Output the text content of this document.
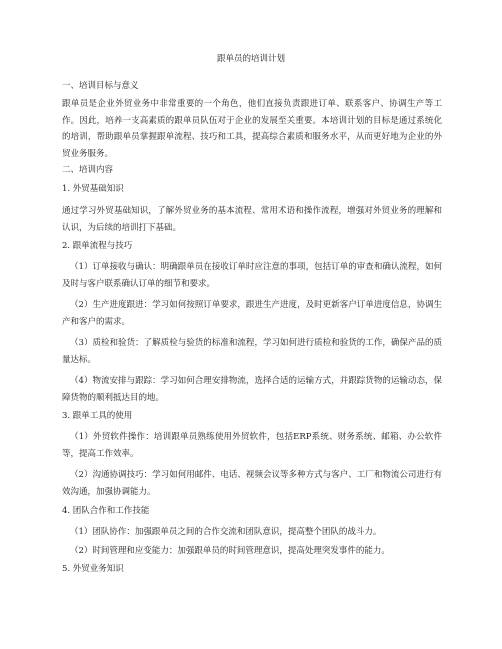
跟单员的培训计划
一、培训目标与意义
跟单员是企业外贸业务中非常重要的一个角色，他们直接负责跟进订单、联系客户、协调生产等工作。因此，培养一支高素质的跟单员队伍对于企业的发展至关重要。本培训计划的目标是通过系统化的培训，帮助跟单员掌握跟单流程、技巧和工具，提高综合素质和服务水平，从而更好地为企业的外贸业务服务。
二、培训内容
1. 外贸基础知识
通过学习外贸基础知识，了解外贸业务的基本流程、常用术语和操作流程，增强对外贸业务的理解和认识，为后续的培训打下基础。
2. 跟单流程与技巧
（1）订单接收与确认：明确跟单员在接收订单时应注意的事项，包括订单的审查和确认流程，如何及时与客户联系确认订单的细节和要求。
（2）生产进度跟进：学习如何按照订单要求，跟进生产进度，及时更新客户订单进度信息，协调生产和客户的需求。
（3）质检和验货：了解质检与验货的标准和流程，学习如何进行质检和验货的工作，确保产品的质量达标。
（4）物流安排与跟踪：学习如何合理安排物流，选择合适的运输方式，并跟踪货物的运输动态，保障货物的顺利抵达目的地。
3. 跟单工具的使用
（1）外贸软件操作：培训跟单员熟练使用外贸软件，包括ERP系统、财务系统、邮箱、办公软件等，提高工作效率。
（2）沟通协调技巧：学习如何用邮件、电话、视频会议等多种方式与客户、工厂和物流公司进行有效沟通，加强协调能力。
4. 团队合作和工作技能
（1）团队协作：加强跟单员之间的合作交流和团队意识，提高整个团队的战斗力。
（2）时间管理和应变能力：加强跟单员的时间管理意识，提高处理突发事件的能力。
5. 外贸业务知识
